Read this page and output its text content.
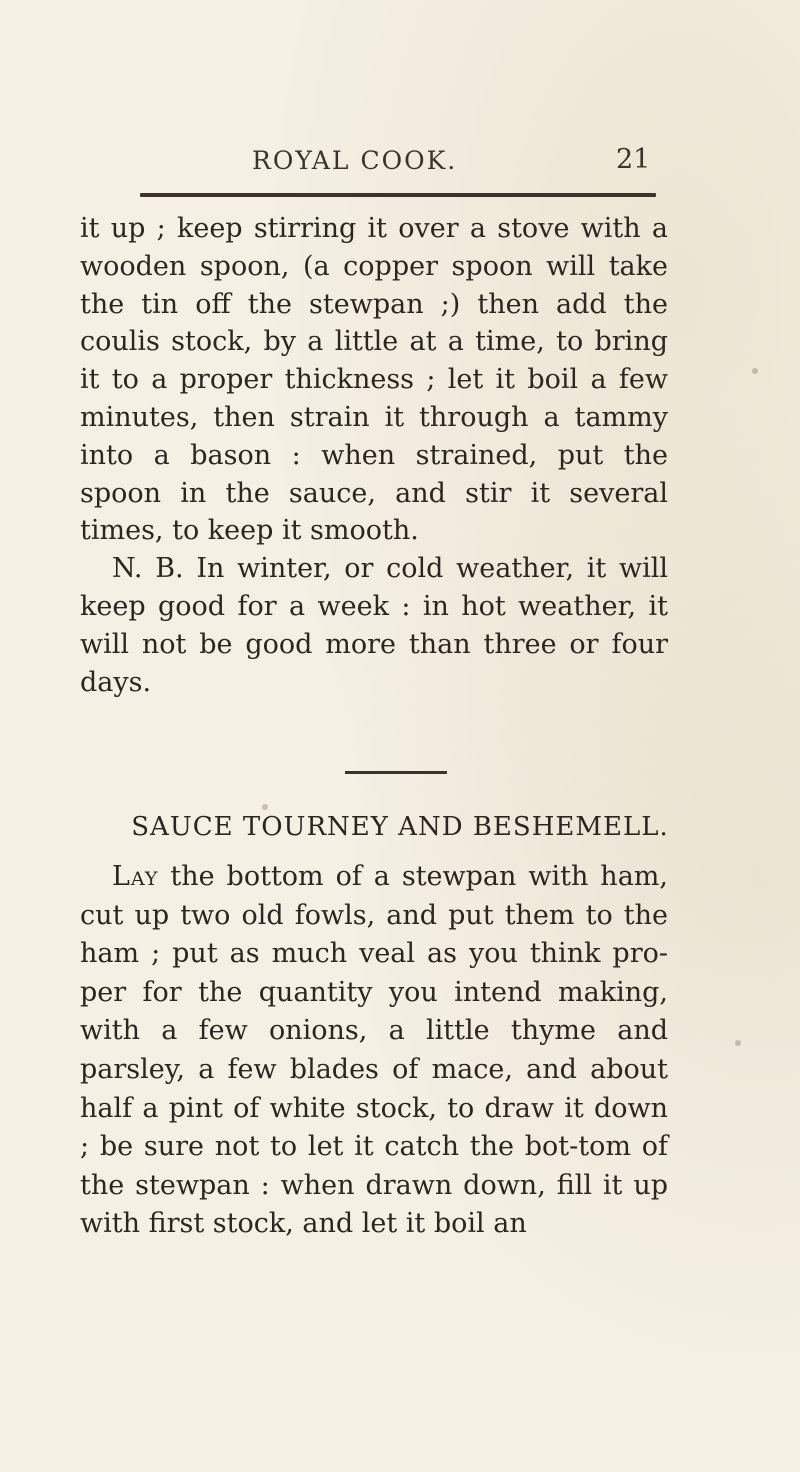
ROYAL COOK.	21

it up ; keep stirring it over a stove with a wooden spoon, (a copper spoon will take the tin off the stewpan ;) then add the coulis stock, by a little at a time, to bring it to a proper thickness ; let it boil a few minutes, then strain it through a tammy into a bason : when strained, put the spoon in the sauce, and stir it several times, to keep it smooth.

N. B. In winter, or cold weather, it will keep good for a week : in hot weather, it will not be good more than three or four days.

SAUCE TOURNEY AND BESHEMELL.

Lay the bottom of a stewpan with ham, cut up two old fowls, and put them to the ham ; put as much veal as you think pro-per for the quantity you intend making, with a few onions, a little thyme and parsley, a few blades of mace, and about half a pint of white stock, to draw it down ; be sure not to let it catch the bot-tom of the stewpan : when drawn down, fill it up with first stock, and let it boil an
